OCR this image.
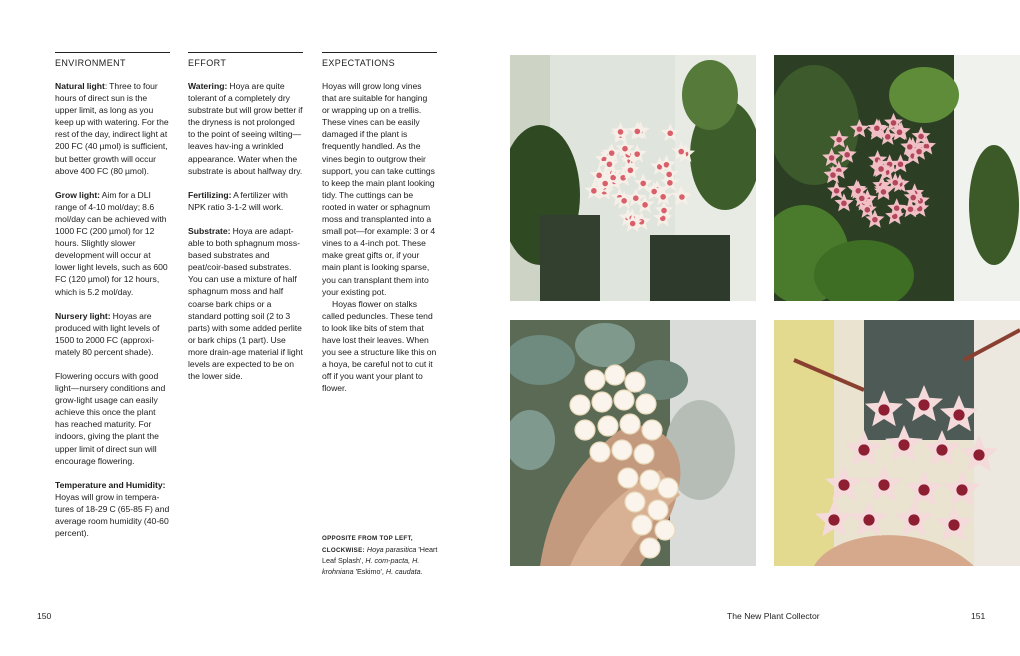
ENVIRONMENT

Natural light: Three to four hours of direct sun is the upper limit, as long as you keep up with watering. For the rest of the day, indirect light at 200 FC (40 µmol) is sufficient, but better growth will occur above 400 FC (80 µmol).

Grow light: Aim for a DLI range of 4-10 mol/day; 8.6 mol/day can be achieved with 1000 FC (200 µmol) for 12 hours. Slightly slower development will occur at lower light levels, such as 600 FC (120 µmol) for 12 hours, which is 5.2 mol/day.

Nursery light: Hoyas are produced with light levels of 1500 to 2000 FC (approxi-mately 80 percent shade).

Flowering occurs with good light—nursery conditions and grow-light usage can easily achieve this once the plant has reached maturity. For indoors, giving the plant the upper limit of direct sun will encourage flowering.

Temperature and Humidity: Hoyas will grow in tempera-tures of 18-29 C (65-85 F) and average room humidity (40-60 percent).

EFFORT

Watering: Hoya are quite tolerant of a completely dry substrate but will grow better if the dryness is not prolonged to the point of seeing wilting—leaves hav-ing a wrinkled appearance. Water when the substrate is about halfway dry.

Fertilizing: A fertilizer with NPK ratio 3-1-2 will work.

Substrate: Hoya are adapt-able to both sphagnum moss-based substrates and peat/coir-based substrates. You can use a mixture of half sphagnum moss and half coarse bark chips or a standard potting soil (2 to 3 parts) with some added perlite or bark chips (1 part). Use more drain-age material if light levels are expected to be on the lower side.

EXPECTATIONS

Hoyas will grow long vines that are suitable for hanging or wrapping up on a trellis. These vines can be easily damaged if the plant is frequently handled. As the vines begin to outgrow their support, you can take cuttings to keep the main plant looking tidy. The cuttings can be rooted in water or sphagnum moss and transplanted into a small pot—for example: 3 or 4 vines to a 4-inch pot. These make great gifts or, if your main plant is looking sparse, you can transplant them into your existing pot.

Hoyas flower on stalks called peduncles. These tend to look like bits of stem that have lost their leaves. When you see a structure like this on a hoya, be careful not to cut it off if you want your plant to flower.

OPPOSITE FROM TOP LEFT, CLOCKWISE: Hoya parasitica 'Heart Leaf Splash', H. com-pacta, H. krohniana 'Eskimo', H. caudata.
150	The New Plant Collector	151
